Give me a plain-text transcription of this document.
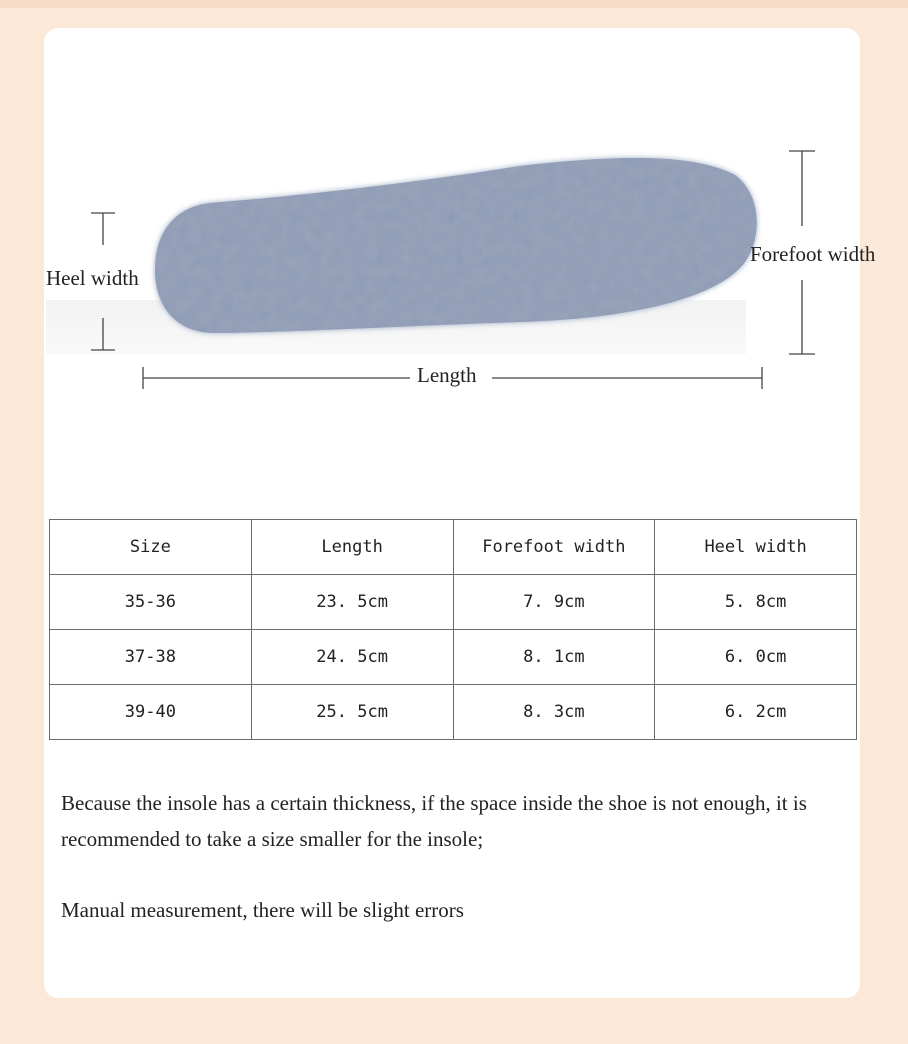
Heel width
Forefoot width
Length
Size	Length	Forefoot width	Heel width
35-36	23. 5cm	7. 9cm	5. 8cm
37-38	24. 5cm	8. 1cm	6. 0cm
39-40	25. 5cm	8. 3cm	6. 2cm

Because the insole has a certain thickness, if the space inside the shoe is not enough, it is recommended to take a size smaller for the insole;

Manual measurement, there will be slight errors
